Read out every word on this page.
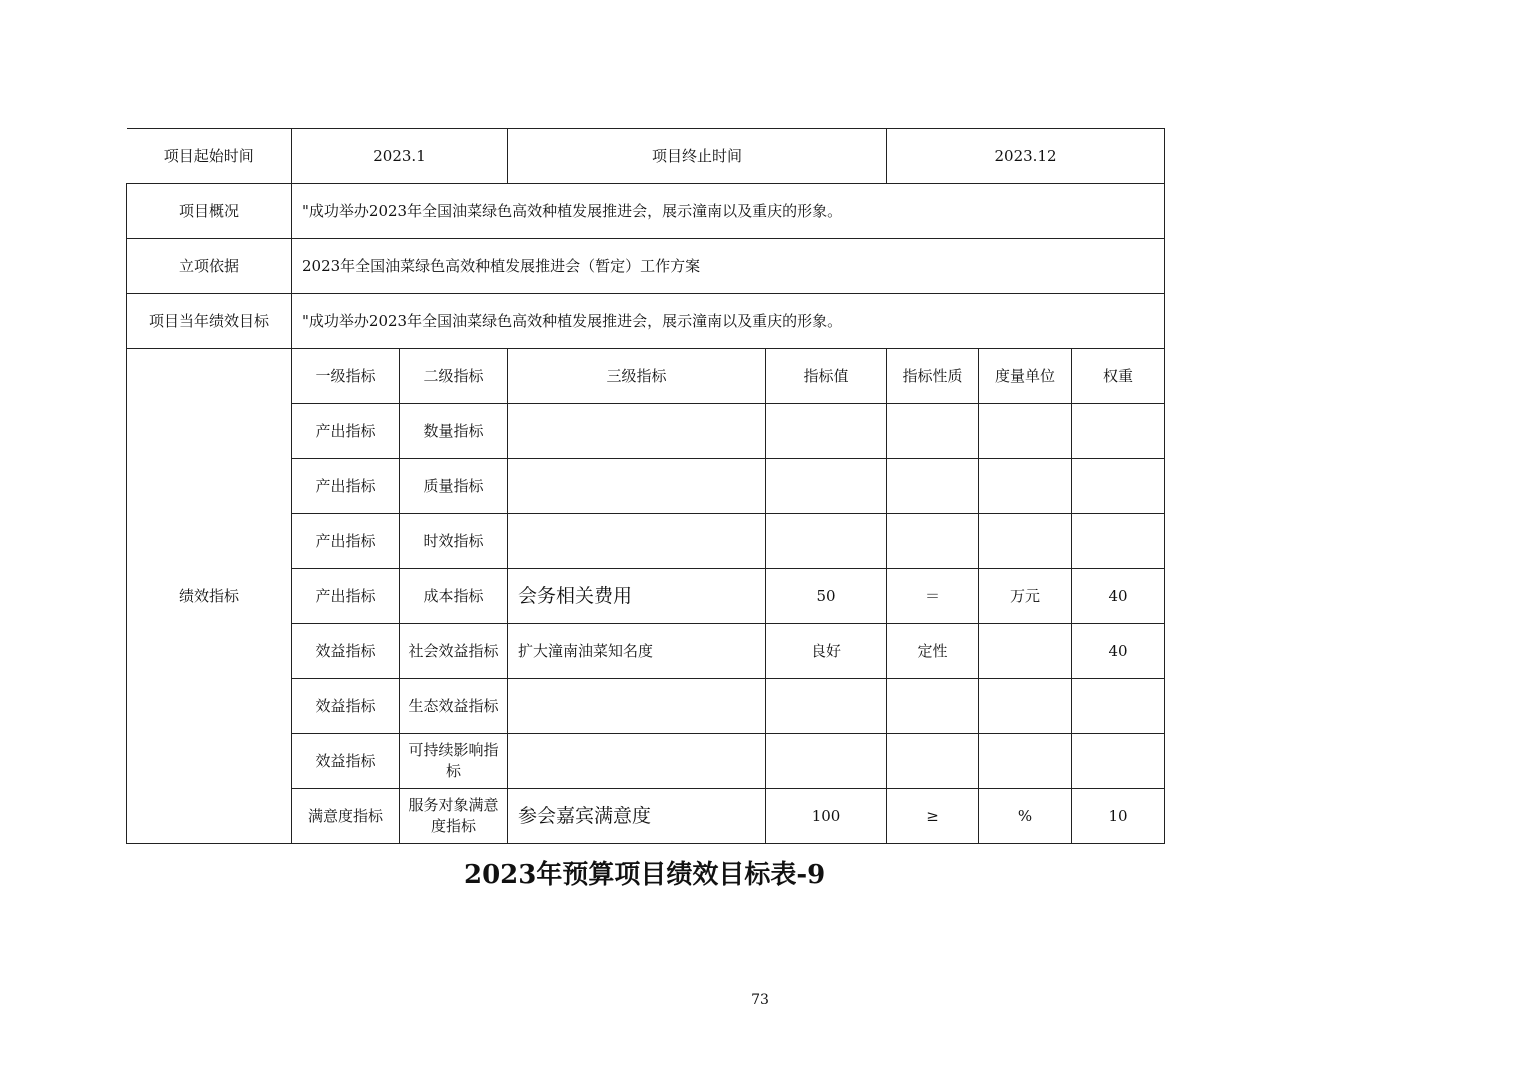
项目起始时间	2023.1		项目终止时间		2023.12		
项目概况	"成功举办2023年全国油菜绿色高效种植发展推进会，展示潼南以及重庆的形象。						
立项依据	2023年全国油菜绿色高效种植发展推进会（暂定）工作方案						
项目当年绩效目标	"成功举办2023年全国油菜绿色高效种植发展推进会，展示潼南以及重庆的形象。						
绩效指标	一级指标	二级指标	三级指标	指标值	指标性质	度量单位	权重
	产出指标	数量指标					
	产出指标	质量指标					
	产出指标	时效指标					
	产出指标	成本指标	会务相关费用	50	＝	万元	40
	效益指标	社会效益指标	扩大潼南油菜知名度	良好	定性		40
	效益指标	生态效益指标					
	效益指标	可持续影响指标					
	满意度指标	服务对象满意度指标	参会嘉宾满意度	100	≥	%	10
2023年预算项目绩效目标表-9
73
